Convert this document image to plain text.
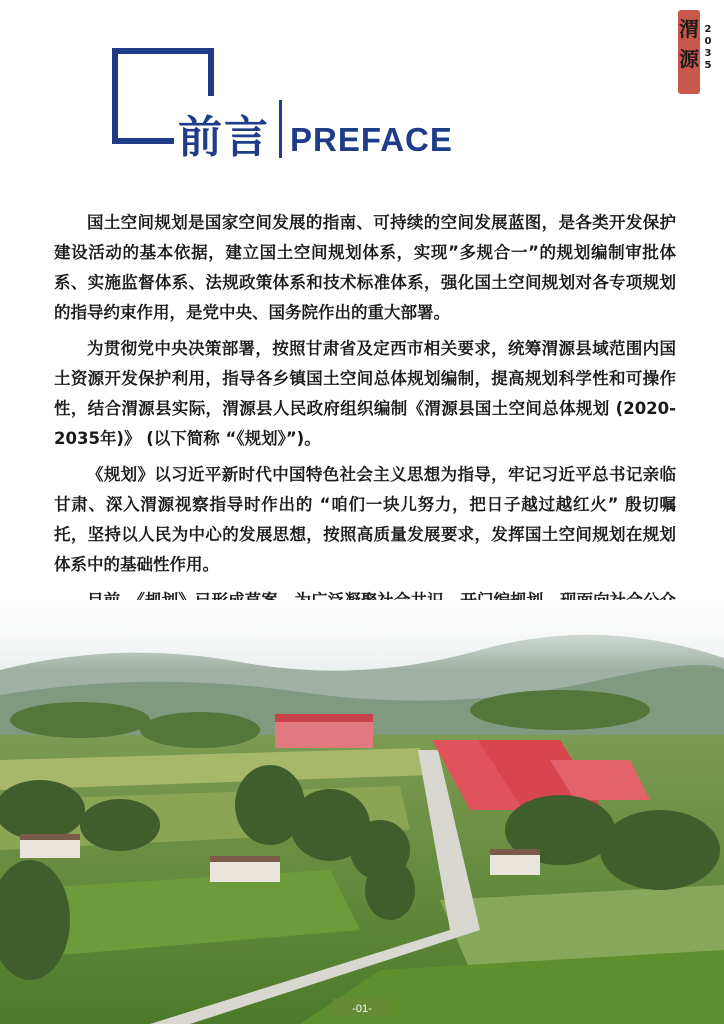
渭
源
2
0
3
5
前言 PREFACE

国土空间规划是国家空间发展的指南、可持续的空间发展蓝图，是各类开发保护建设活动的基本依据，建立国土空间规划体系，实现”多规合一”的规划编制审批体系、实施监督体系、法规政策体系和技术标准体系，强化国土空间规划对各专项规划的指导约束作用，是党中央、国务院作出的重大部署。

为贯彻党中央决策部署，按照甘肃省及定西市相关要求，统筹渭源县域范围内国土资源开发保护利用，指导各乡镇国土空间总体规划编制，提高规划科学性和可操作性，结合渭源县实际，渭源县人民政府组织编制《渭源县国土空间总体规划 (2020-2035年)》 (以下简称 “《规划》”)。

《规划》以习近平新时代中国特色社会主义思想为指导，牢记习近平总书记亲临甘肃、深入渭源视察指导时作出的 “咱们一块儿努力，把日子越过越红火” 殷切嘱托，坚持以人民为中心的发展思想，按照高质量发展要求，发挥国土空间规划在规划体系中的基础性作用。

-01-
